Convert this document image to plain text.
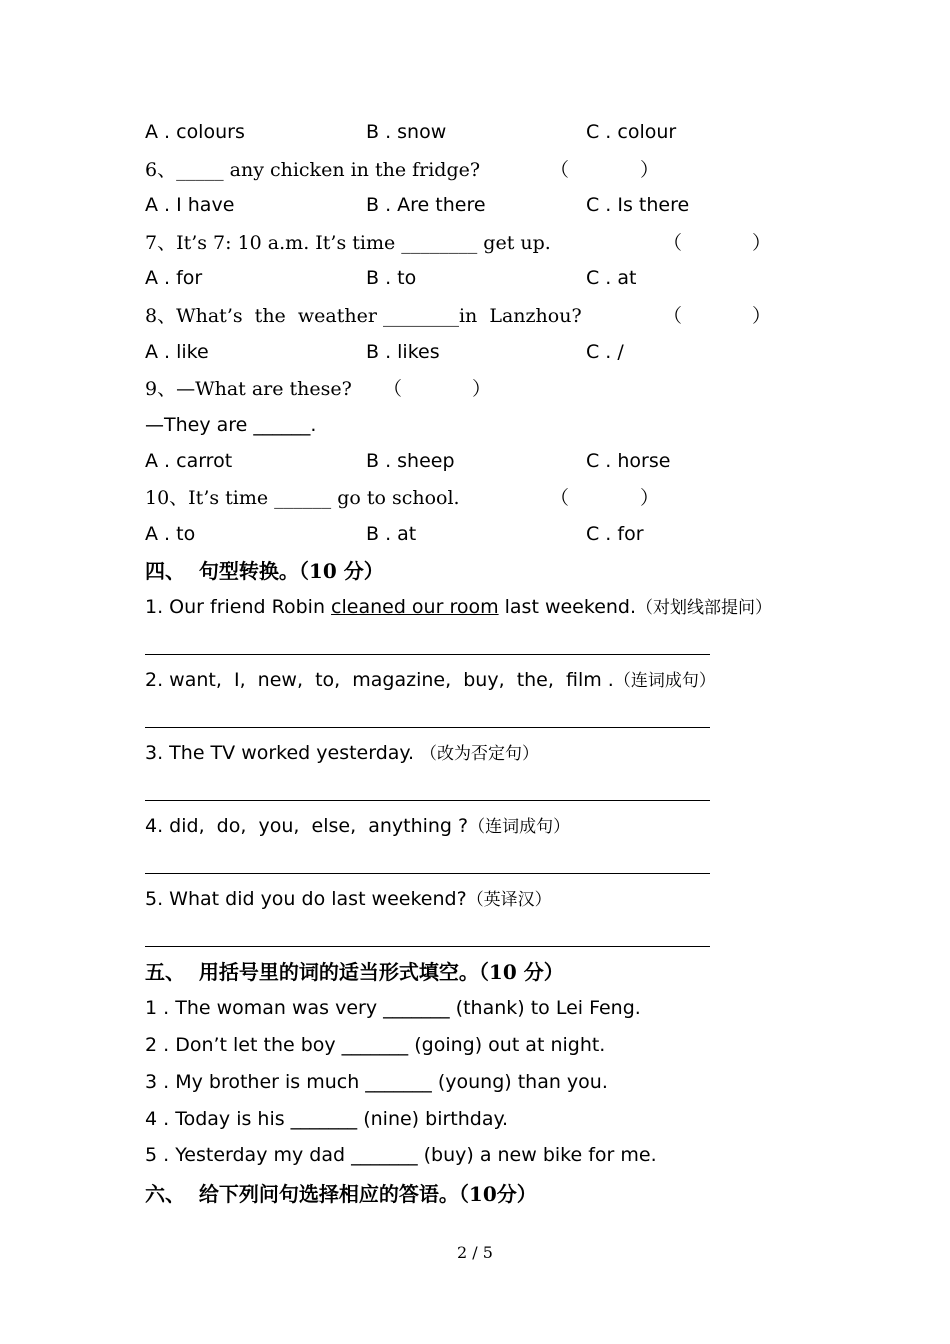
A . colours	B . snow	C . colour
6、_____ any chicken in the fridge?	（	）
A . I have	B . Are there	C . Is there
7、It’s 7: 10 a.m. It’s time ________ get up.	（	）
A . for	B . to	C . at
8、What’s  the  weather ________in  Lanzhou?	（	）
A . like	B . likes	C . /
9、—What are these? （	）
—They are ______.
A . carrot	B . sheep	C . horse
10、It’s time ______ go to school.	（	）
A . to	B . at	C . for
四、  句型转换。（10 分）
1. Our friend Robin cleaned our room last weekend.（对划线部提问）
2. want,  I,  new,  to,  magazine,  buy,  the,  film .（连词成句）
3. The TV worked yesterday. （改为否定句）
4. did,  do,  you,  else,  anything ?（连词成句）
5. What did you do last weekend?（英译汉）
五、  用括号里的词的适当形式填空。（10 分）
1 . The woman was very _______ (thank) to Lei Feng.
2 . Don’t let the boy _______ (going) out at night.
3 . My brother is much _______ (young) than you.
4 . Today is his _______ (nine) birthday.
5 . Yesterday my dad _______ (buy) a new bike for me.
六、  给下列问句选择相应的答语。（10分）
2 / 5
